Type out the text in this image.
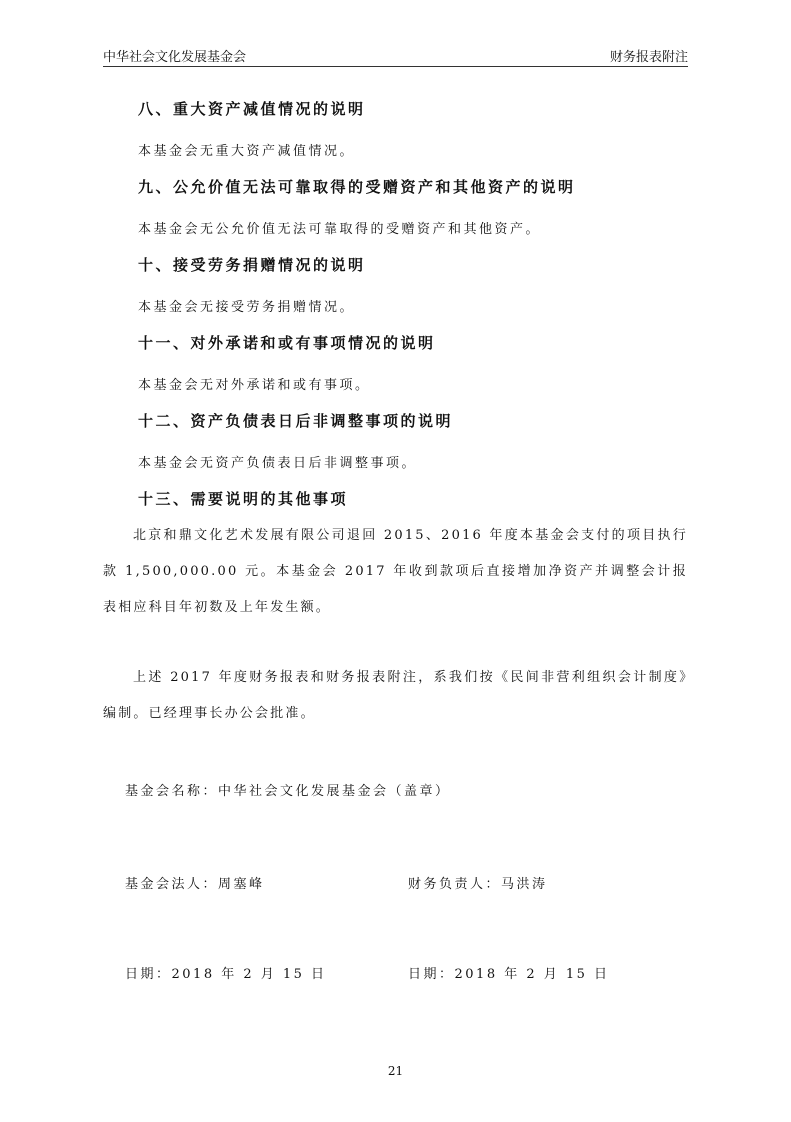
中华社会文化发展基金会	财务报表附注
八、重大资产减值情况的说明

本基金会无重大资产减值情况。

九、公允价值无法可靠取得的受赠资产和其他资产的说明

本基金会无公允价值无法可靠取得的受赠资产和其他资产。

十、接受劳务捐赠情况的说明

本基金会无接受劳务捐赠情况。

十一、对外承诺和或有事项情况的说明

本基金会无对外承诺和或有事项。

十二、资产负债表日后非调整事项的说明

本基金会无资产负债表日后非调整事项。

十三、需要说明的其他事项

北京和鼎文化艺术发展有限公司退回 2015、2016 年度本基金会支付的项目执行款 1,500,000.00 元。本基金会 2017 年收到款项后直接增加净资产并调整会计报表相应科目年初数及上年发生额。

上述 2017 年度财务报表和财务报表附注，系我们按《民间非营利组织会计制度》编制。已经理事长办公会批准。

基金会名称：中华社会文化发展基金会（盖章）
基金会法人：周塞峰	财务负责人：马洪涛
日期：2018 年 2 月 15 日	日期：2018 年 2 月 15 日
21
